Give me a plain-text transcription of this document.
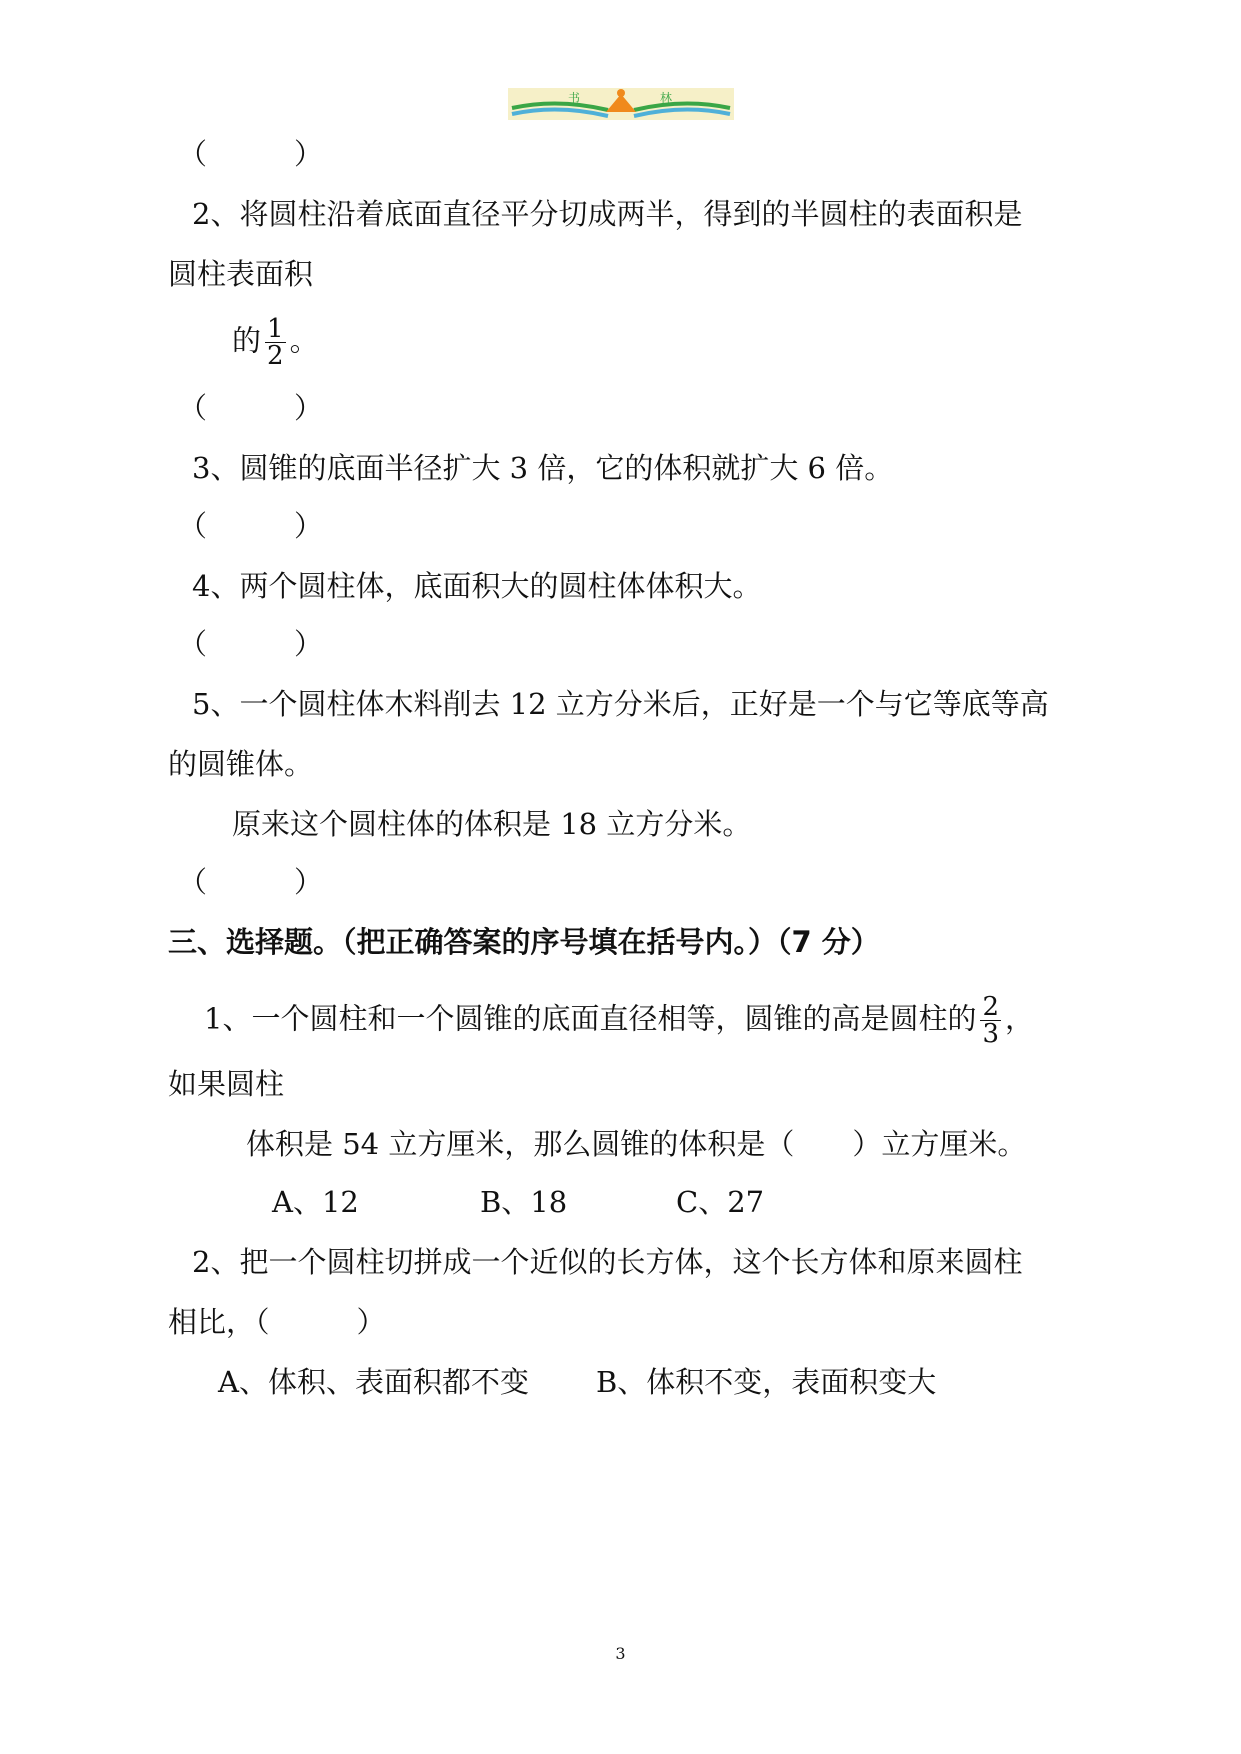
书	林
（　　　）
2、将圆柱沿着底面直径平分切成两半，得到的半圆柱的表面积是
圆柱表面积
的 $\frac{1}{2}$ 。
（　　　）
3、圆锥的底面半径扩大 3 倍，它的体积就扩大 6 倍。
（　　　）
4、两个圆柱体，底面积大的圆柱体体积大。
（　　　）
5、一个圆柱体木料削去 12 立方分米后，正好是一个与它等底等高
的圆锥体。
原来这个圆柱体的体积是 18 立方分米。
（　　　）
三、选择题。（把正确答案的序号填在括号内。）（7 分）
1、一个圆柱和一个圆锥的底面直径相等，圆锥的高是圆柱的 $\frac{2}{3}$ ，
如果圆柱
体积是 54 立方厘米，那么圆锥的体积是（　　）立方厘米。
A、12	B、18	C、27
2、把一个圆柱切拼成一个近似的长方体，这个长方体和原来圆柱
相比，（　　　）
A、体积、表面积都不变 B、体积不变，表面积变大
3
